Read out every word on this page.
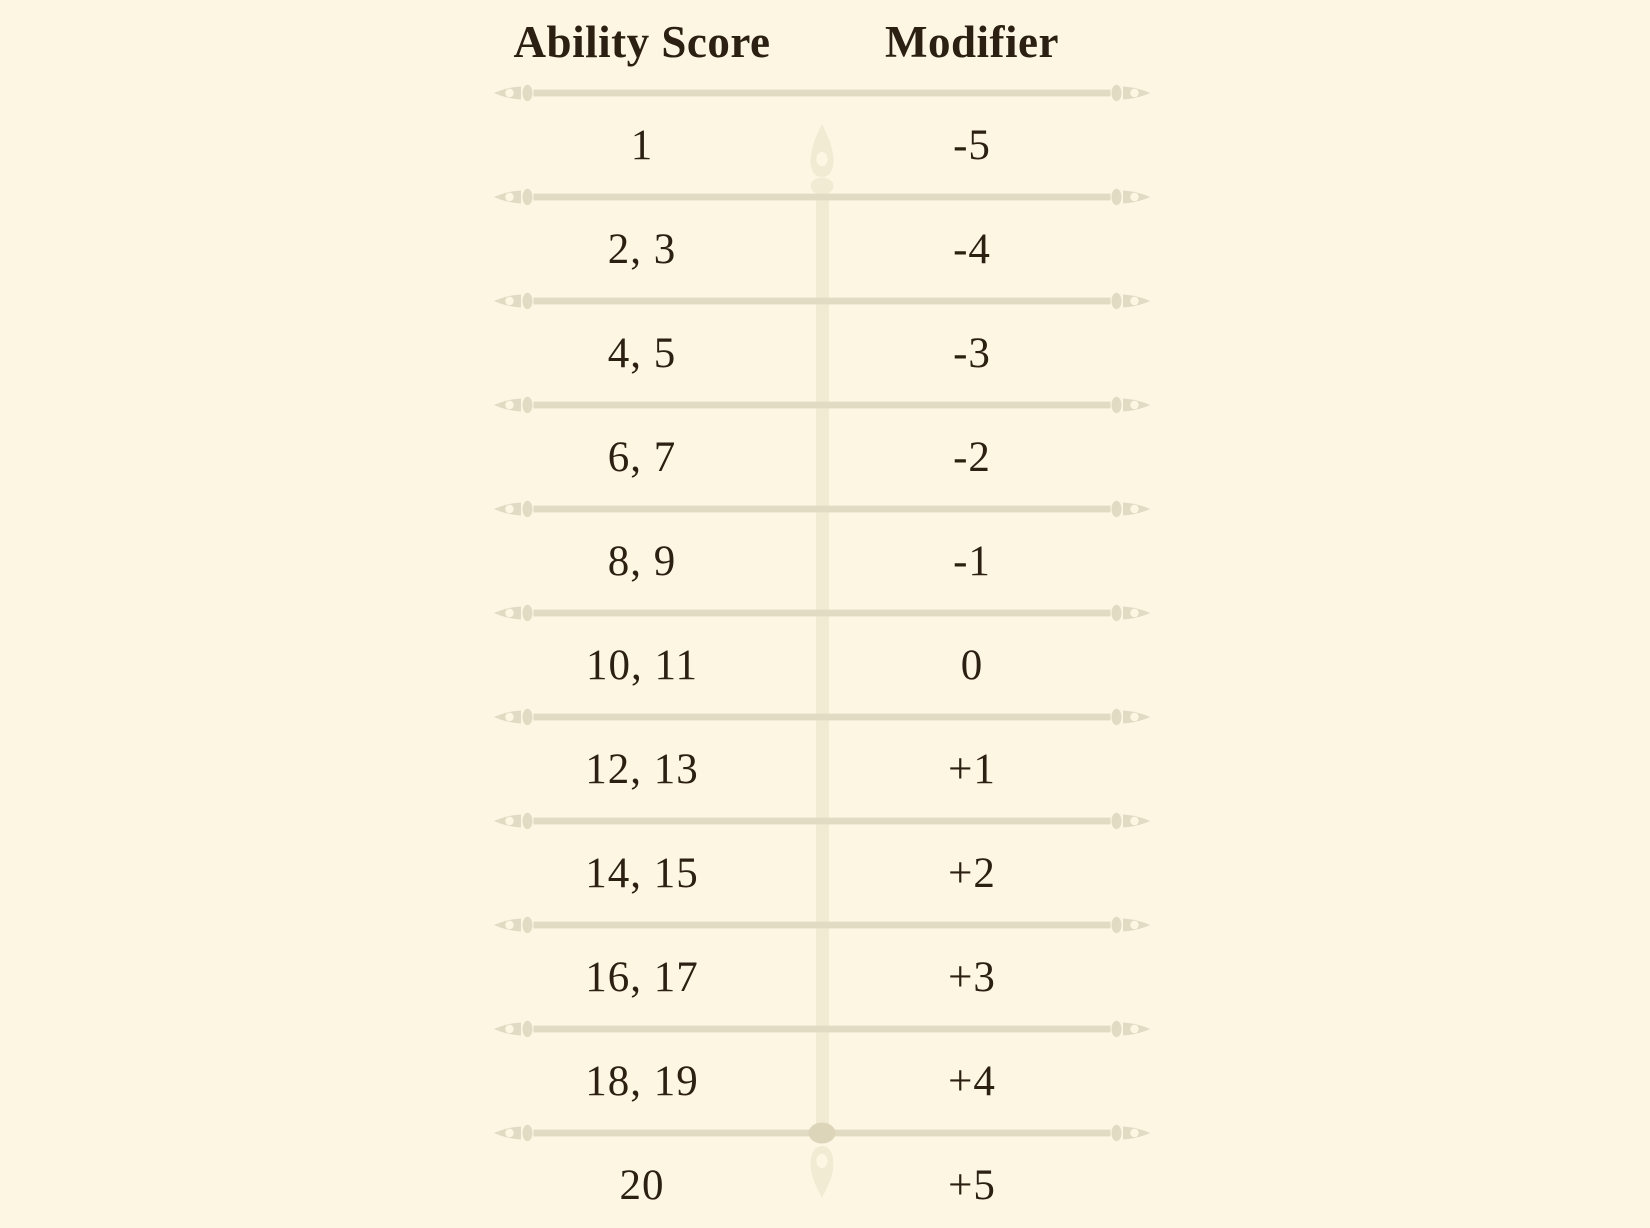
Ability Score	Modifier
1	-5
2, 3	-4
4, 5	-3
6, 7	-2
8, 9	-1
10, 11	0
12, 13	+1
14, 15	+2
16, 17	+3
18, 19	+4
20	+5
